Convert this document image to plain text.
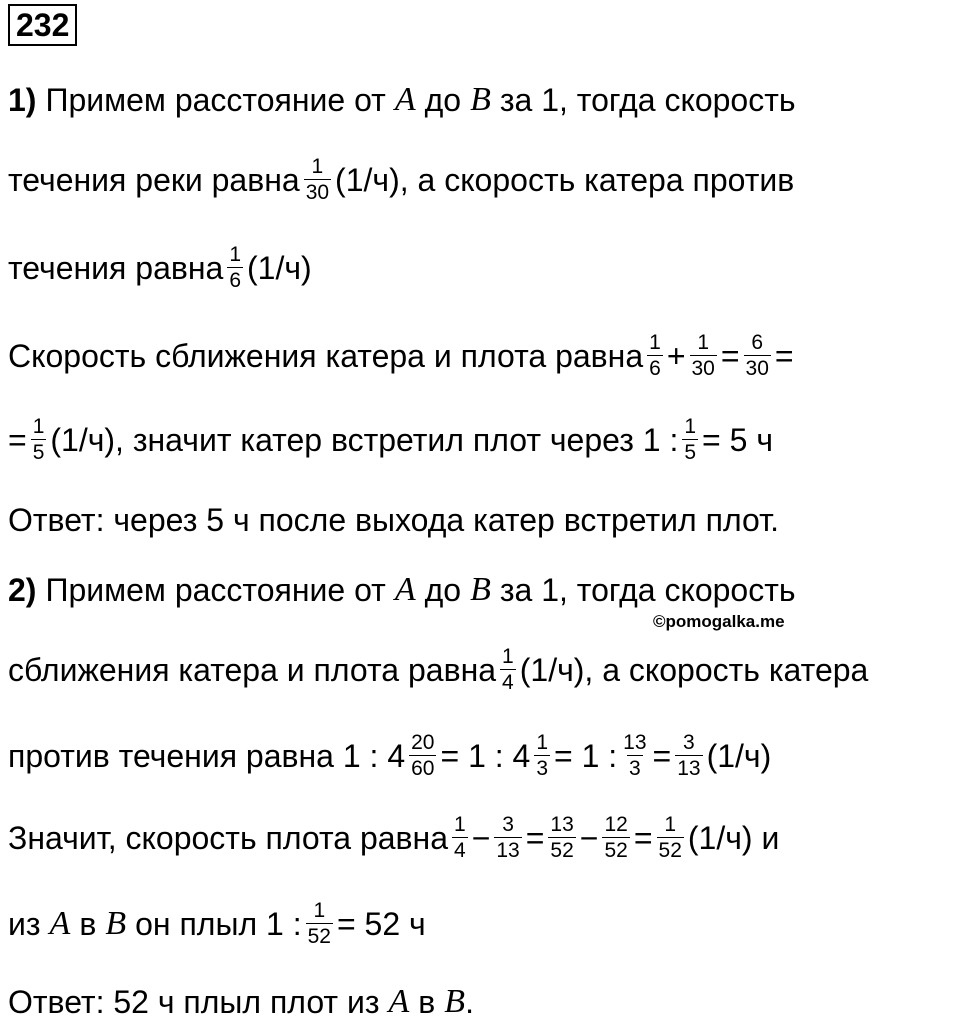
232
1) Примем расстояние от A до B за 1, тогда скорость
течения реки равна $\frac{1}{30} (1/ч)$, а скорость катера против
течения равна $\frac{1}{6} (1/ч)$
Скорость сближения катера и плота равна $\frac{1}{6} + \frac{1}{30} = \frac{6}{30}$ =
= $\frac{1}{5} (1/ч)$, значит катер встретил плот через 1 : $\frac{1}{5} = 5$ ч
Ответ: через 5 ч после выхода катер встретил плот.
2) Примем расстояние от A до B за 1, тогда скорость
©pomogalka.me
сближения катера и плота равна $\frac{1}{4} (1/ч)$, а скорость катера
против течения равна 1 : $4 \frac{20}{60} = 1$ : $4 \frac{1}{3} = 1$ : $\frac{13}{3} = \frac{3}{13} (1/ч)$
Значит, скорость плота равна $\frac{1}{4} - \frac{3}{13} = \frac{13}{52} - \frac{12}{52} = \frac{1}{52} (1/ч)$ и
из A в B он плыл 1 : $\frac{1}{52} = 52$ ч
Ответ: 52 ч плыл плот из A в B .
